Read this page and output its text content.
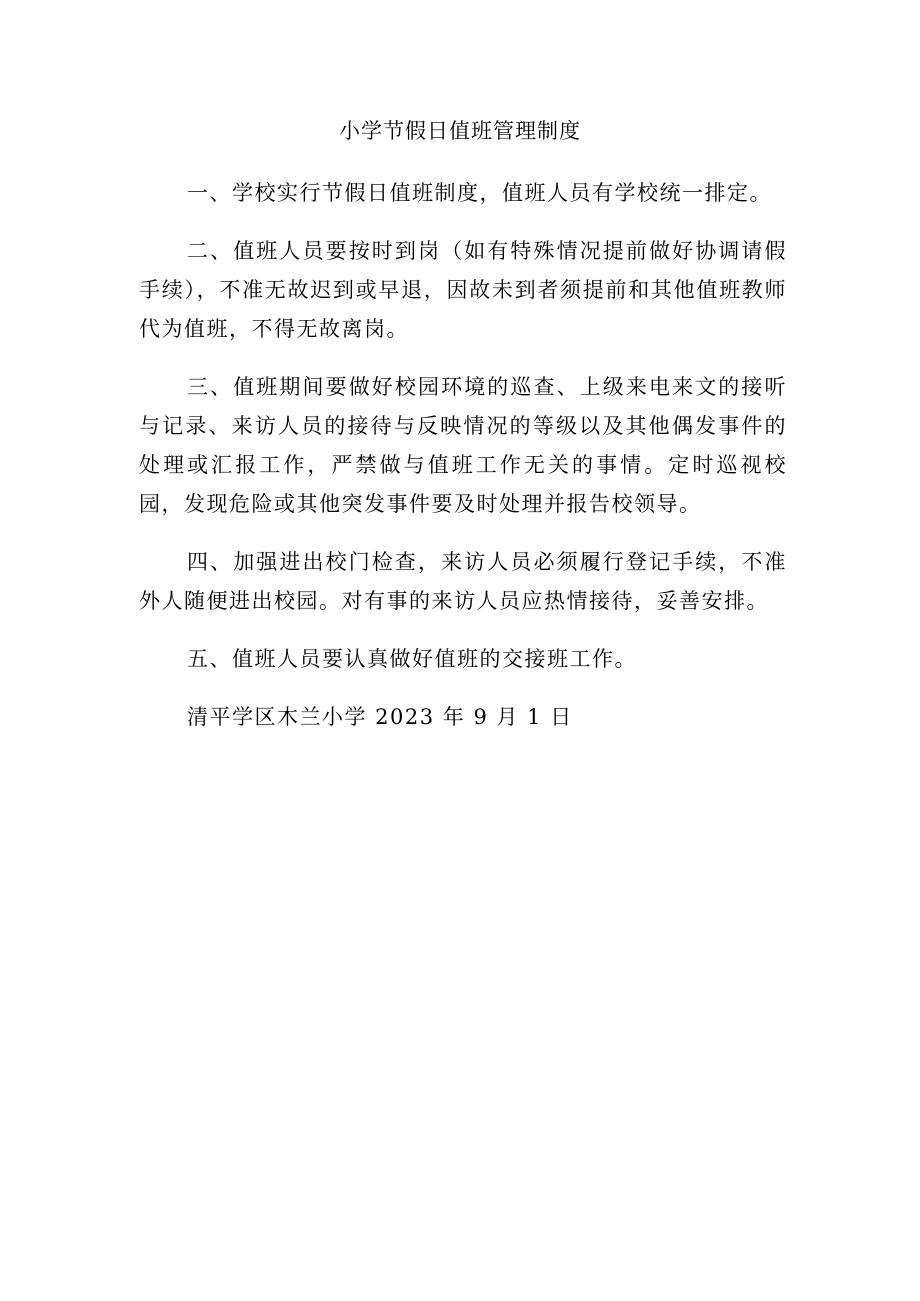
小学节假日值班管理制度

一、学校实行节假日值班制度，值班人员有学校统一排定。

二、值班人员要按时到岗（如有特殊情况提前做好协调请假手续），不准无故迟到或早退，因故未到者须提前和其他值班教师代为值班，不得无故离岗。

三、值班期间要做好校园环境的巡查、上级来电来文的接听与记录、来访人员的接待与反映情况的等级以及其他偶发事件的处理或汇报工作，严禁做与值班工作无关的事情。定时巡视校园，发现危险或其他突发事件要及时处理并报告校领导。

四、加强进出校门检查，来访人员必须履行登记手续，不准外人随便进出校园。对有事的来访人员应热情接待，妥善安排。

五、值班人员要认真做好值班的交接班工作。

清平学区木兰小学 2023 年 9 月 1 日
